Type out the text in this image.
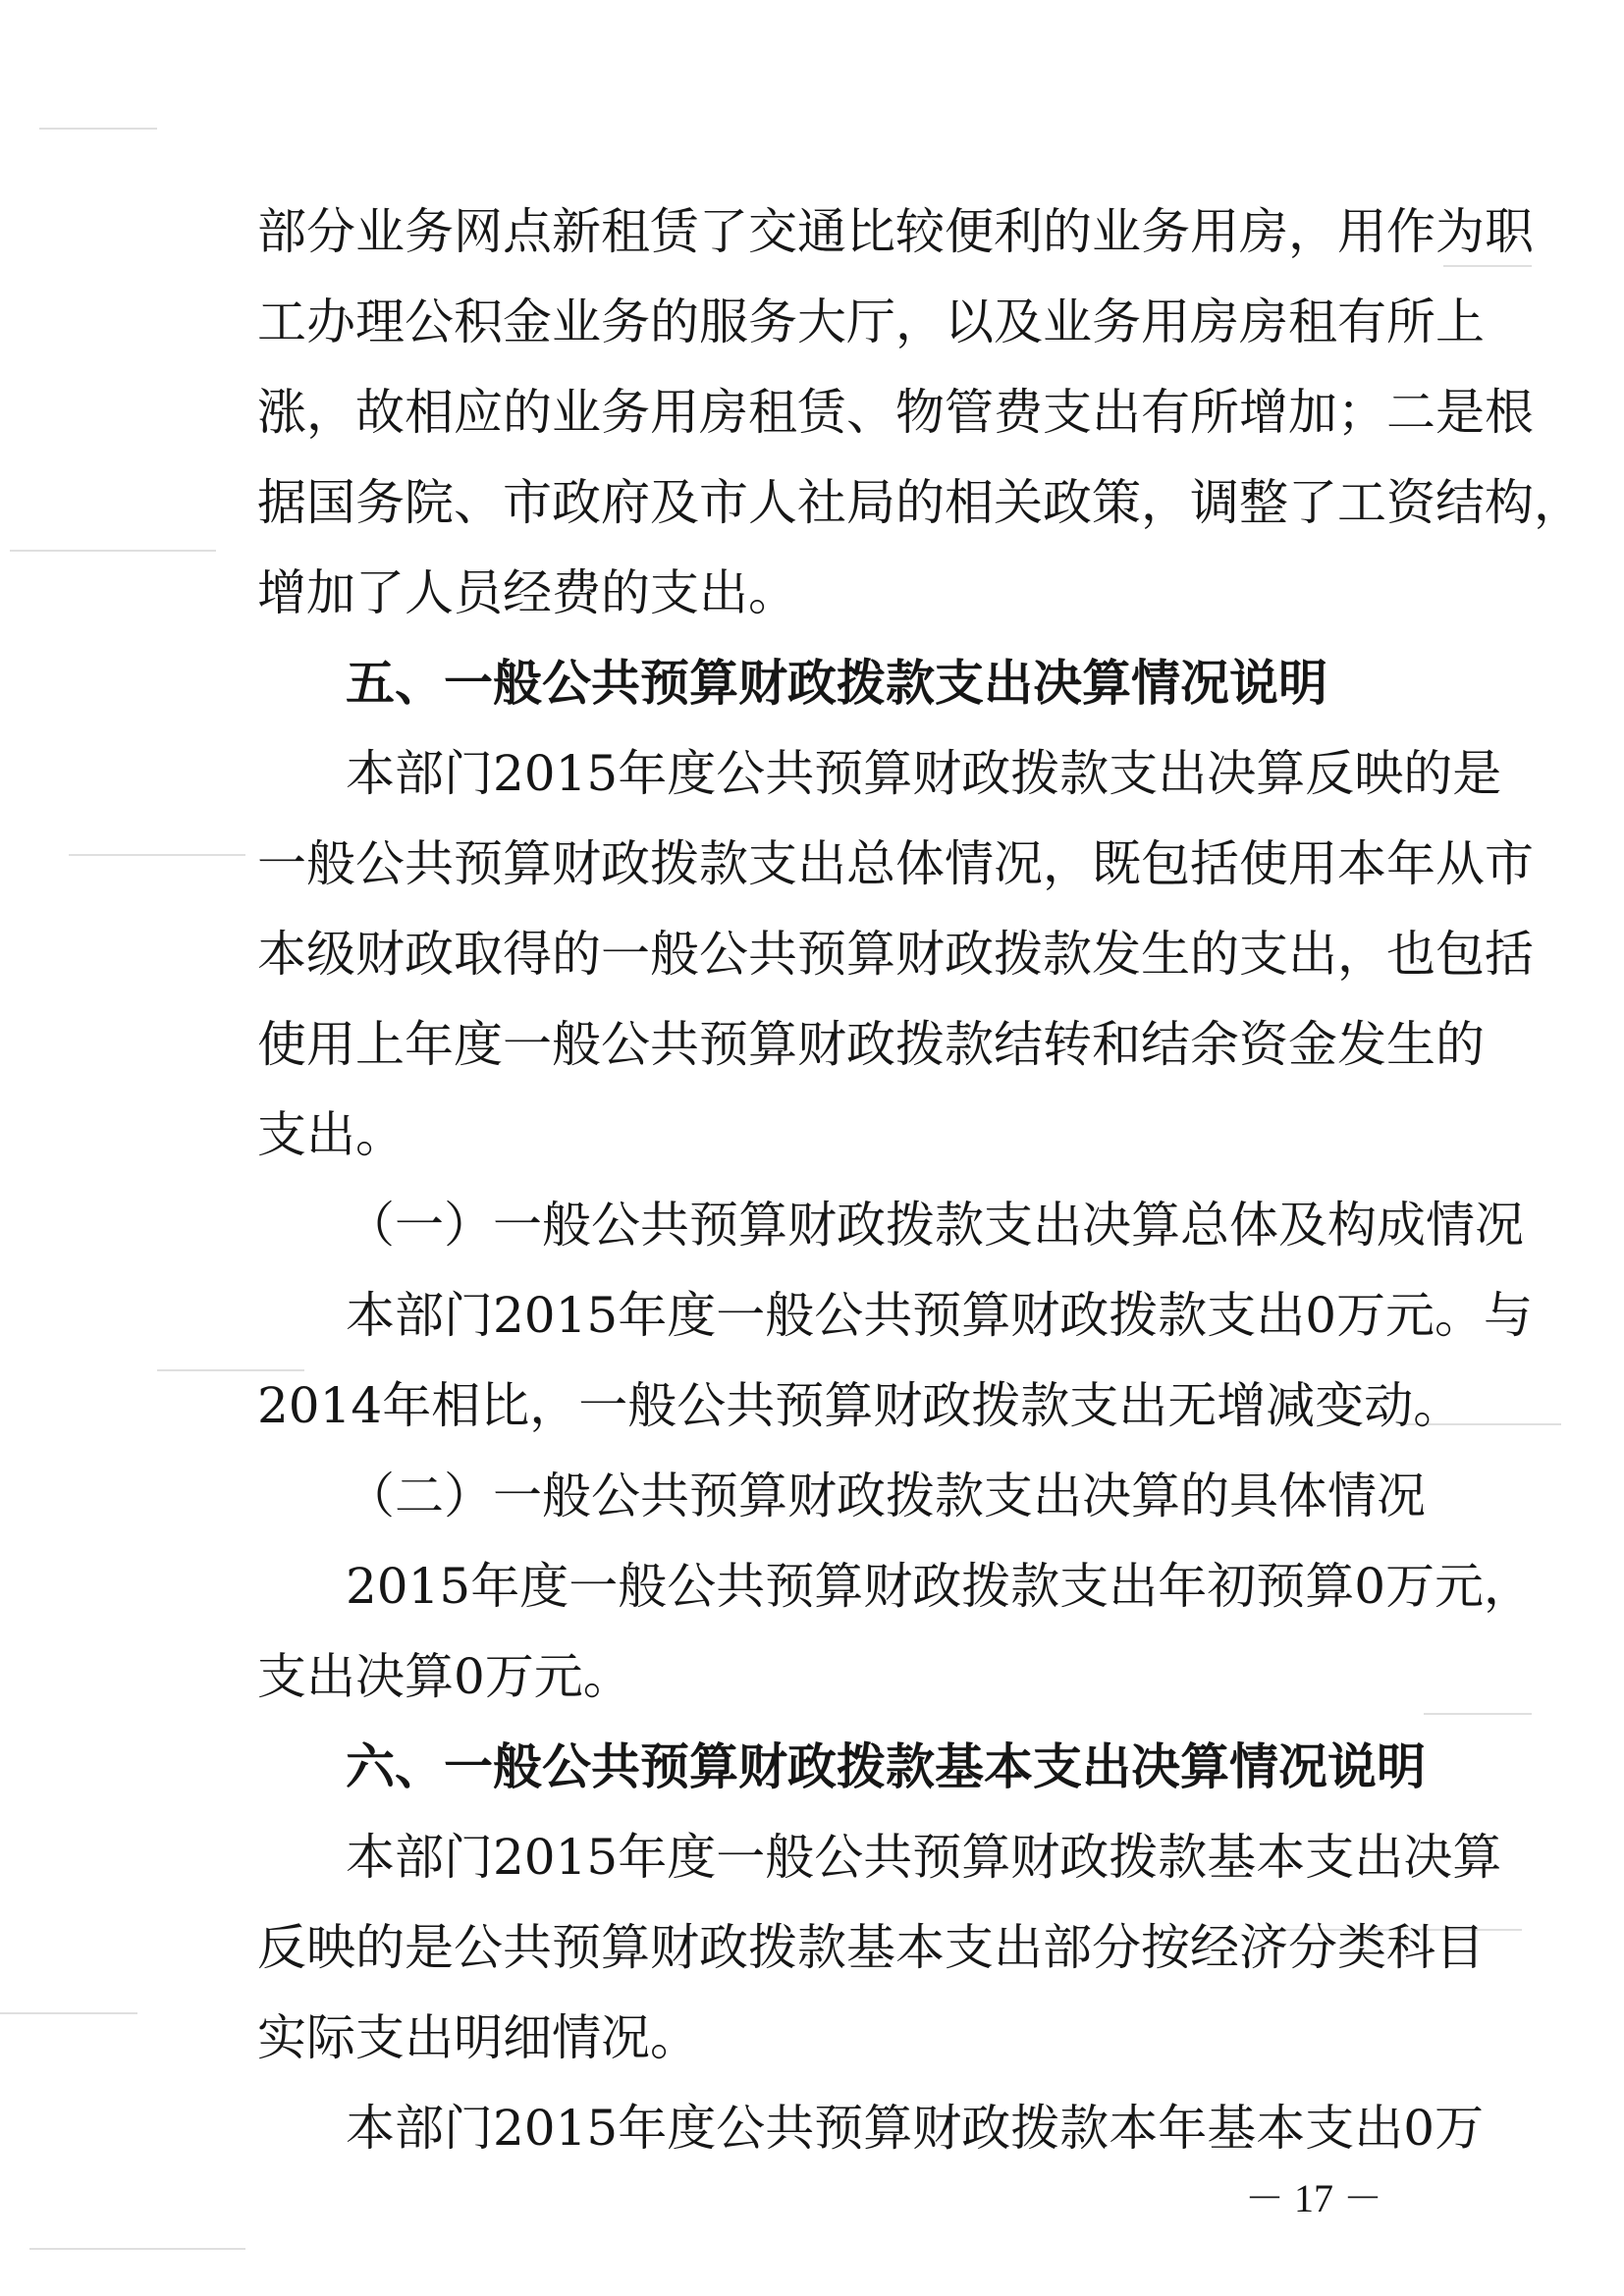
部分业务网点新租赁了交通比较便利的业务用房，用作为职
工办理公积金业务的服务大厅，以及业务用房房租有所上
涨，故相应的业务用房租赁、物管费支出有所增加；二是根
据国务院、市政府及市人社局的相关政策，调整了工资结构，
增加了人员经费的支出。
五、一般公共预算财政拨款支出决算情况说明
本部门2015年度公共预算财政拨款支出决算反映的是
一般公共预算财政拨款支出总体情况，既包括使用本年从市
本级财政取得的一般公共预算财政拨款发生的支出，也包括
使用上年度一般公共预算财政拨款结转和结余资金发生的
支出。
（一）一般公共预算财政拨款支出决算总体及构成情况
本部门2015年度一般公共预算财政拨款支出0万元。与
2014年相比，一般公共预算财政拨款支出无增减变动。
（二）一般公共预算财政拨款支出决算的具体情况
2015年度一般公共预算财政拨款支出年初预算0万元，
支出决算0万元。
六、一般公共预算财政拨款基本支出决算情况说明
本部门2015年度一般公共预算财政拨款基本支出决算
反映的是公共预算财政拨款基本支出部分按经济分类科目
实际支出明细情况。
本部门2015年度公共预算财政拨款本年基本支出0万
－ 17 －
